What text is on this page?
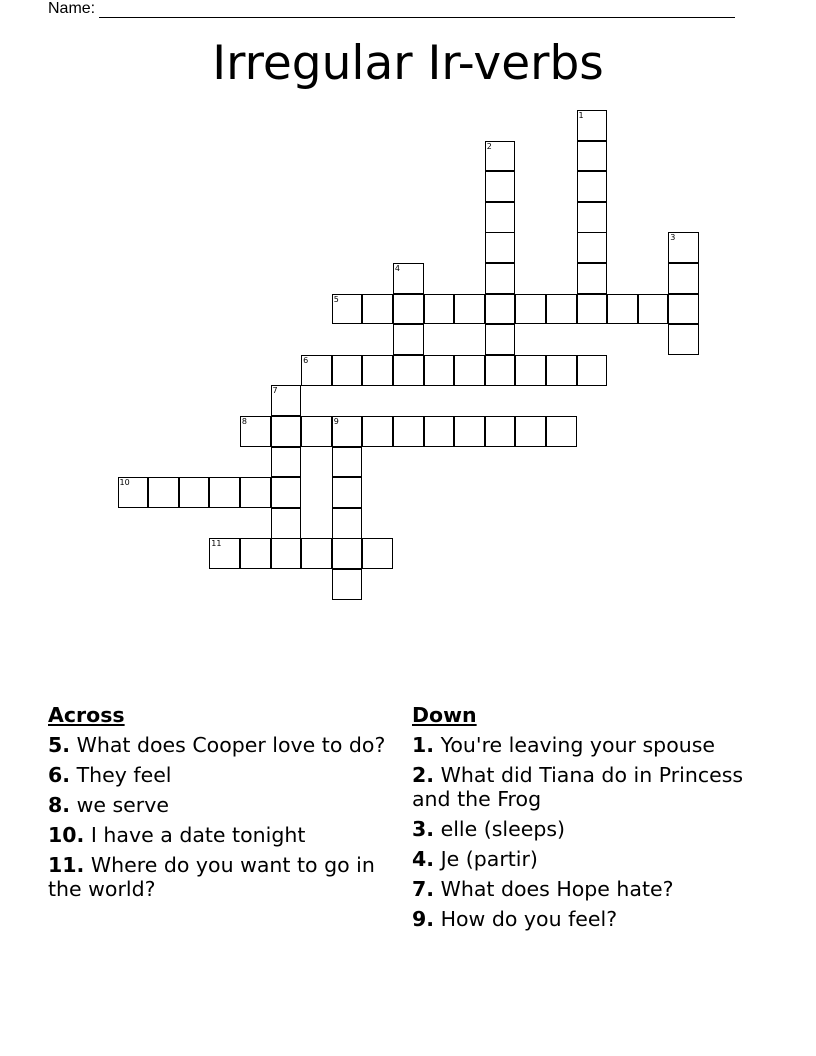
Name:
Irregular Ir-verbs
1
2
3
4
5
6
7
8	9
10
11
Across
5. What does Cooper love to do?
6. They feel
8. we serve
10. I have a date tonight
11. Where do you want to go in the world?
Down
1. You're leaving your spouse
2. What did Tiana do in Princess and the Frog
3. elle (sleeps)
4. Je (partir)
7. What does Hope hate?
9. How do you feel?
